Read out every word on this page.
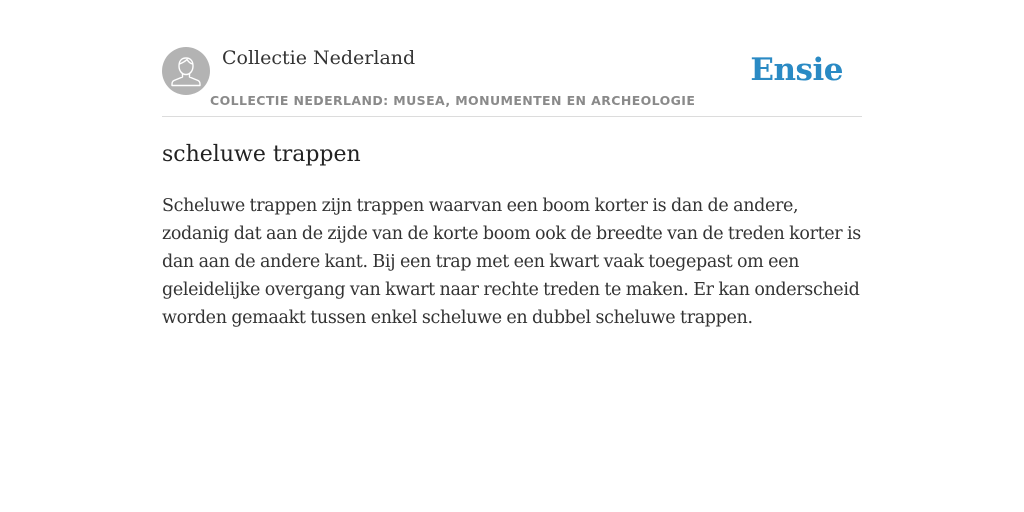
Collectie Nederland
COLLECTIE NEDERLAND: MUSEA, MONUMENTEN EN ARCHEOLOGIE
Ensie
scheluwe trappen

Scheluwe trappen zijn trappen waarvan een boom korter is dan de andere, zodanig dat aan de zijde van de korte boom ook de breedte van de treden korter is dan aan de andere kant. Bij een trap met een kwart vaak toegepast om een geleidelijke overgang van kwart naar rechte treden te maken. Er kan onderscheid worden gemaakt tussen enkel scheluwe en dubbel scheluwe trappen.
